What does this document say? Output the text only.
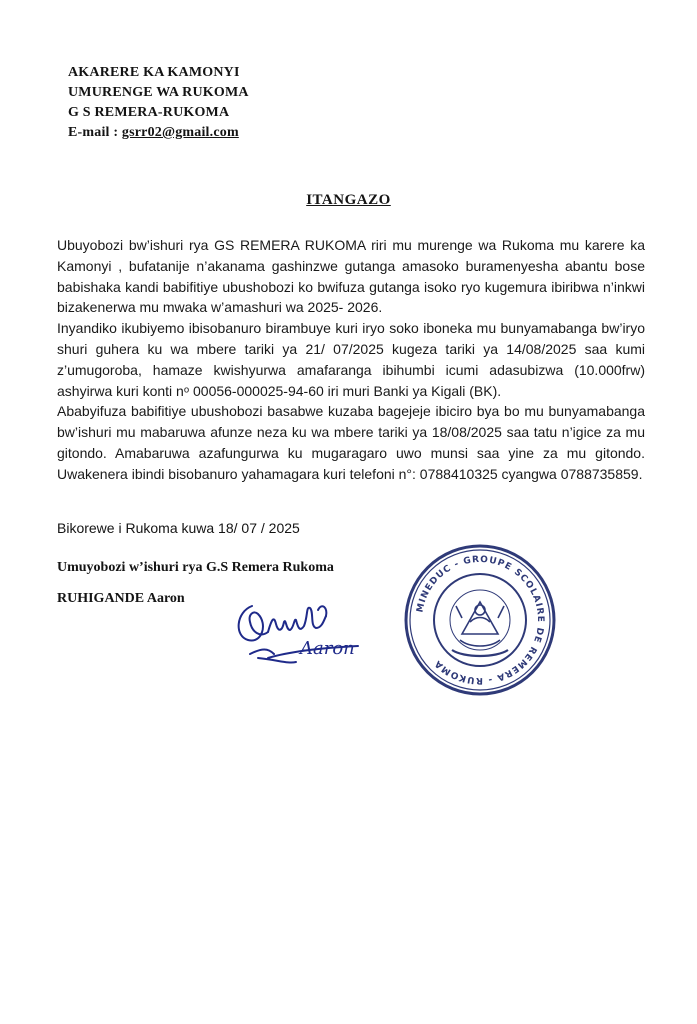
AKARERE KA KAMONYI
UMURENGE WA RUKOMA
G S REMERA-RUKOMA
E-mail : gsrr02@gmail.com
ITANGAZO
Ubuyobozi bw’ishuri rya GS REMERA RUKOMA riri mu murenge wa Rukoma mu karere ka Kamonyi , bufatanije n’akanama gashinzwe gutanga amasoko buramenyesha abantu bose babishaka kandi babifitiye ubushobozi ko bwifuza gutanga isoko ryo kugemura ibiribwa n’inkwi bizakenerwa mu mwaka w’amashuri wa 2025- 2026.
Inyandiko ikubiyemo ibisobanuro birambuye kuri iryo soko iboneka mu bunyamabanga bw’iryo shuri guhera ku wa mbere tariki ya 21/ 07/2025 kugeza tariki ya 14/08/2025 saa kumi z’umugoroba, hamaze kwishyurwa amafaranga ibihumbi icumi adasubizwa (10.000frw) ashyirwa kuri konti nᵒ 00056-000025-94-60 iri muri Banki ya Kigali (BK).
Ababyifuza babifitiye ubushobozi basabwe kuzaba bagejeje ibiciro bya bo mu bunyamabanga bw’ishuri mu mabaruwa afunze neza ku wa mbere tariki ya 18/08/2025 saa tatu n’igice za mu gitondo. Amabaruwa azafungurwa ku mugaragaro uwo munsi saa yine za mu gitondo. Uwakenera ibindi bisobanuro yahamagara kuri telefoni n°: 0788410325 cyangwa 0788735859.
Bikorewe i Rukoma kuwa 18/ 07 / 2025
Umuyobozi w’ishuri rya G.S Remera Rukoma
RUHIGANDE Aaron
Aaron
MINEDUC - GROUPE SCOLAIRE DE REMERA - RUKOMA
